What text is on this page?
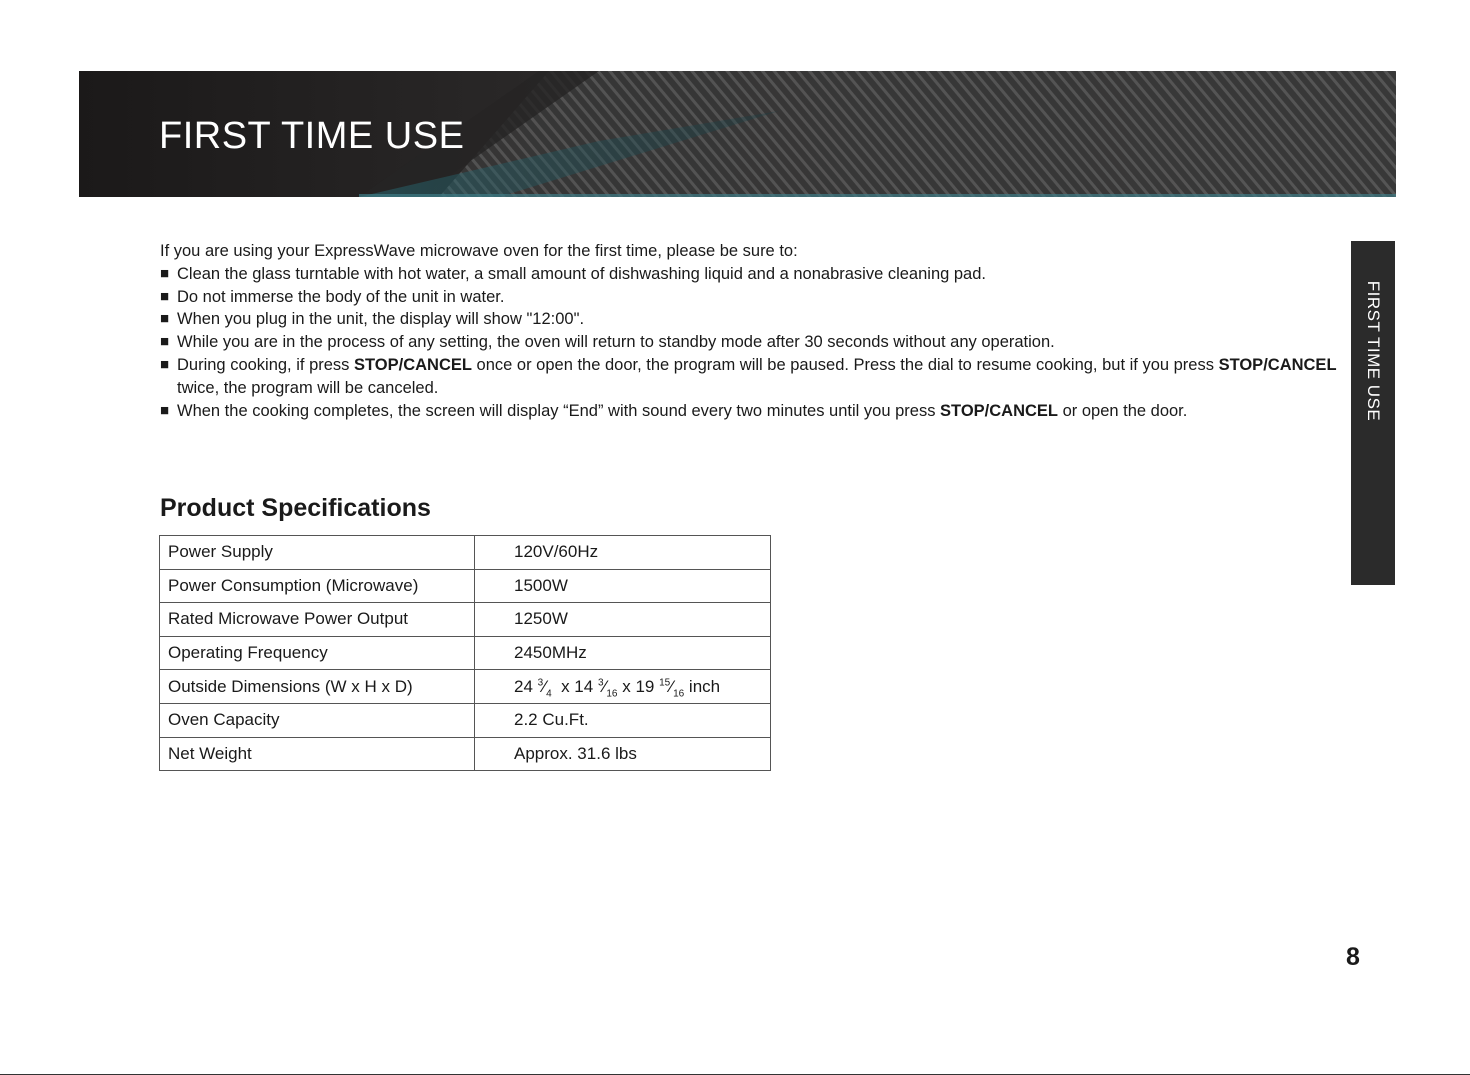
FIRST TIME USE
FIRST TIME USE
If you are using your ExpressWave microwave oven for the first time, please be sure to:
■ Clean the glass turntable with hot water, a small amount of dishwashing liquid and a nonabrasive cleaning pad.
■ Do not immerse the body of the unit in water.
■ When you plug in the unit, the display will show "12:00".
■ While you are in the process of any setting, the oven will return to standby mode after 30 seconds without any operation.
■ During cooking, if press STOP/CANCEL once or open the door, the program will be paused. Press the dial to resume cooking, but if you press STOP/CANCEL twice, the program will be canceled.
■ When the cooking completes, the screen will display “End” with sound every two minutes until you press STOP/CANCEL or open the door.
Product Specifications
Power Supply	120V/60Hz
Power Consumption (Microwave)	1500W
Rated Microwave Power Output	1250W
Operating Frequency	2450MHz
Outside Dimensions (W x H x D)	24 $^3⁄_4$ x 14 $^3⁄_{16}$ x 19 $^{15}⁄_{16}$ inch
Oven Capacity	2.2 Cu.Ft.
Net Weight	Approx. 31.6 lbs
8
